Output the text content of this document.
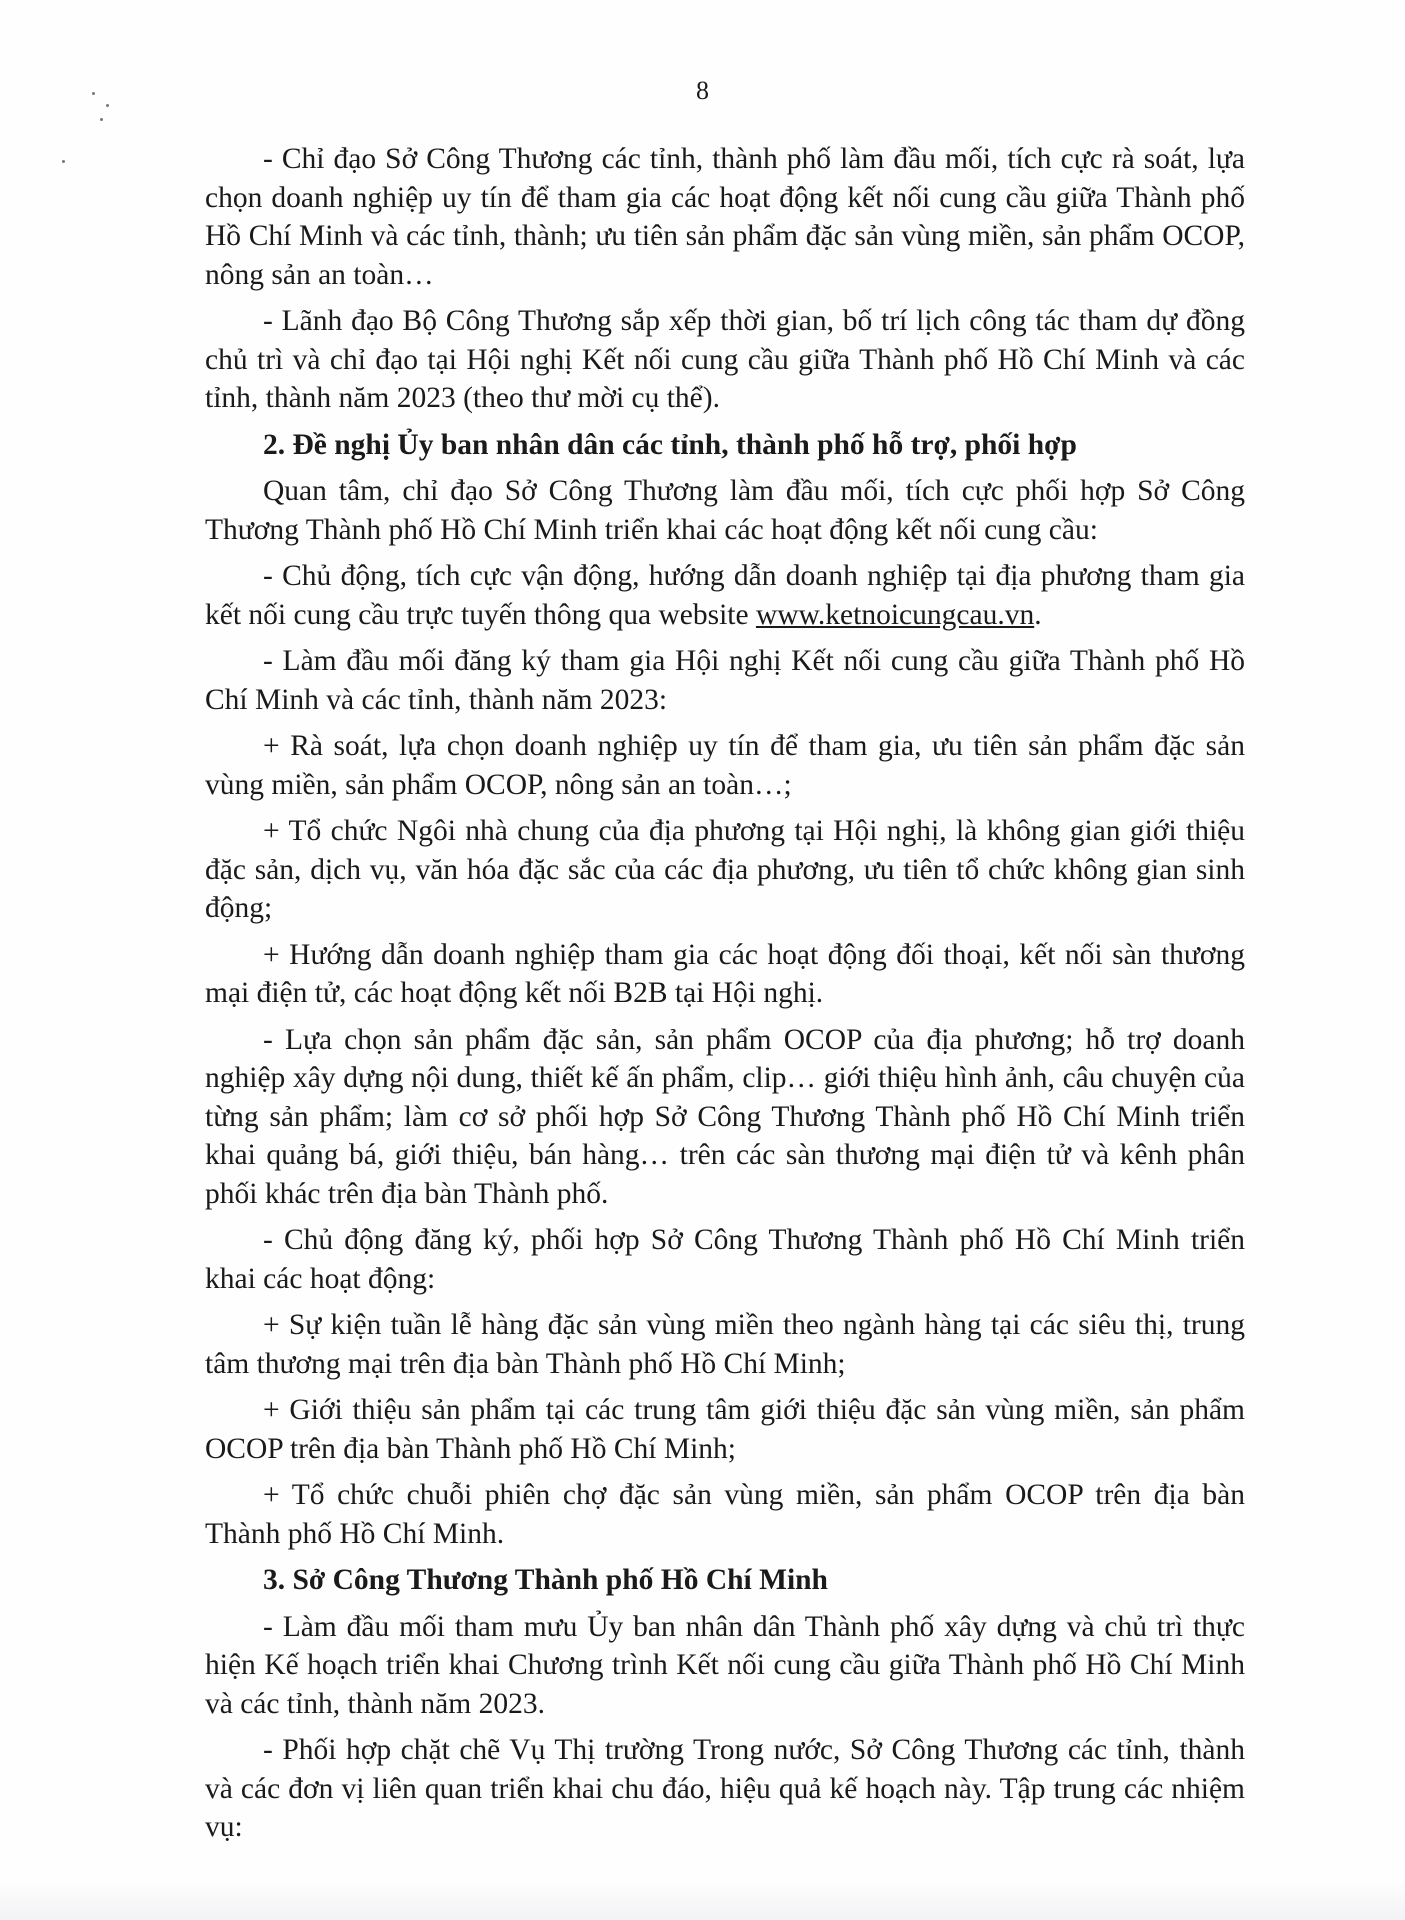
8

- Chỉ đạo Sở Công Thương các tỉnh, thành phố làm đầu mối, tích cực rà soát, lựa chọn doanh nghiệp uy tín để tham gia các hoạt động kết nối cung cầu giữa Thành phố Hồ Chí Minh và các tỉnh, thành; ưu tiên sản phẩm đặc sản vùng miền, sản phẩm OCOP, nông sản an toàn…

- Lãnh đạo Bộ Công Thương sắp xếp thời gian, bố trí lịch công tác tham dự đồng chủ trì và chỉ đạo tại Hội nghị Kết nối cung cầu giữa Thành phố Hồ Chí Minh và các tỉnh, thành năm 2023 (theo thư mời cụ thể).

2. Đề nghị Ủy ban nhân dân các tỉnh, thành phố hỗ trợ, phối hợp

Quan tâm, chỉ đạo Sở Công Thương làm đầu mối, tích cực phối hợp Sở Công Thương Thành phố Hồ Chí Minh triển khai các hoạt động kết nối cung cầu:

- Chủ động, tích cực vận động, hướng dẫn doanh nghiệp tại địa phương tham gia kết nối cung cầu trực tuyến thông qua website www.ketnoicungcau.vn.

- Làm đầu mối đăng ký tham gia Hội nghị Kết nối cung cầu giữa Thành phố Hồ Chí Minh và các tỉnh, thành năm 2023:

+ Rà soát, lựa chọn doanh nghiệp uy tín để tham gia, ưu tiên sản phẩm đặc sản vùng miền, sản phẩm OCOP, nông sản an toàn…;

+ Tổ chức Ngôi nhà chung của địa phương tại Hội nghị, là không gian giới thiệu đặc sản, dịch vụ, văn hóa đặc sắc của các địa phương, ưu tiên tổ chức không gian sinh động;

+ Hướng dẫn doanh nghiệp tham gia các hoạt động đối thoại, kết nối sàn thương mại điện tử, các hoạt động kết nối B2B tại Hội nghị.

- Lựa chọn sản phẩm đặc sản, sản phẩm OCOP của địa phương; hỗ trợ doanh nghiệp xây dựng nội dung, thiết kế ấn phẩm, clip… giới thiệu hình ảnh, câu chuyện của từng sản phẩm; làm cơ sở phối hợp Sở Công Thương Thành phố Hồ Chí Minh triển khai quảng bá, giới thiệu, bán hàng… trên các sàn thương mại điện tử và kênh phân phối khác trên địa bàn Thành phố.

- Chủ động đăng ký, phối hợp Sở Công Thương Thành phố Hồ Chí Minh triển khai các hoạt động:

+ Sự kiện tuần lễ hàng đặc sản vùng miền theo ngành hàng tại các siêu thị, trung tâm thương mại trên địa bàn Thành phố Hồ Chí Minh;

+ Giới thiệu sản phẩm tại các trung tâm giới thiệu đặc sản vùng miền, sản phẩm OCOP trên địa bàn Thành phố Hồ Chí Minh;

+ Tổ chức chuỗi phiên chợ đặc sản vùng miền, sản phẩm OCOP trên địa bàn Thành phố Hồ Chí Minh.

3. Sở Công Thương Thành phố Hồ Chí Minh

- Làm đầu mối tham mưu Ủy ban nhân dân Thành phố xây dựng và chủ trì thực hiện Kế hoạch triển khai Chương trình Kết nối cung cầu giữa Thành phố Hồ Chí Minh và các tỉnh, thành năm 2023.

- Phối hợp chặt chẽ Vụ Thị trường Trong nước, Sở Công Thương các tỉnh, thành và các đơn vị liên quan triển khai chu đáo, hiệu quả kế hoạch này. Tập trung các nhiệm vụ:
